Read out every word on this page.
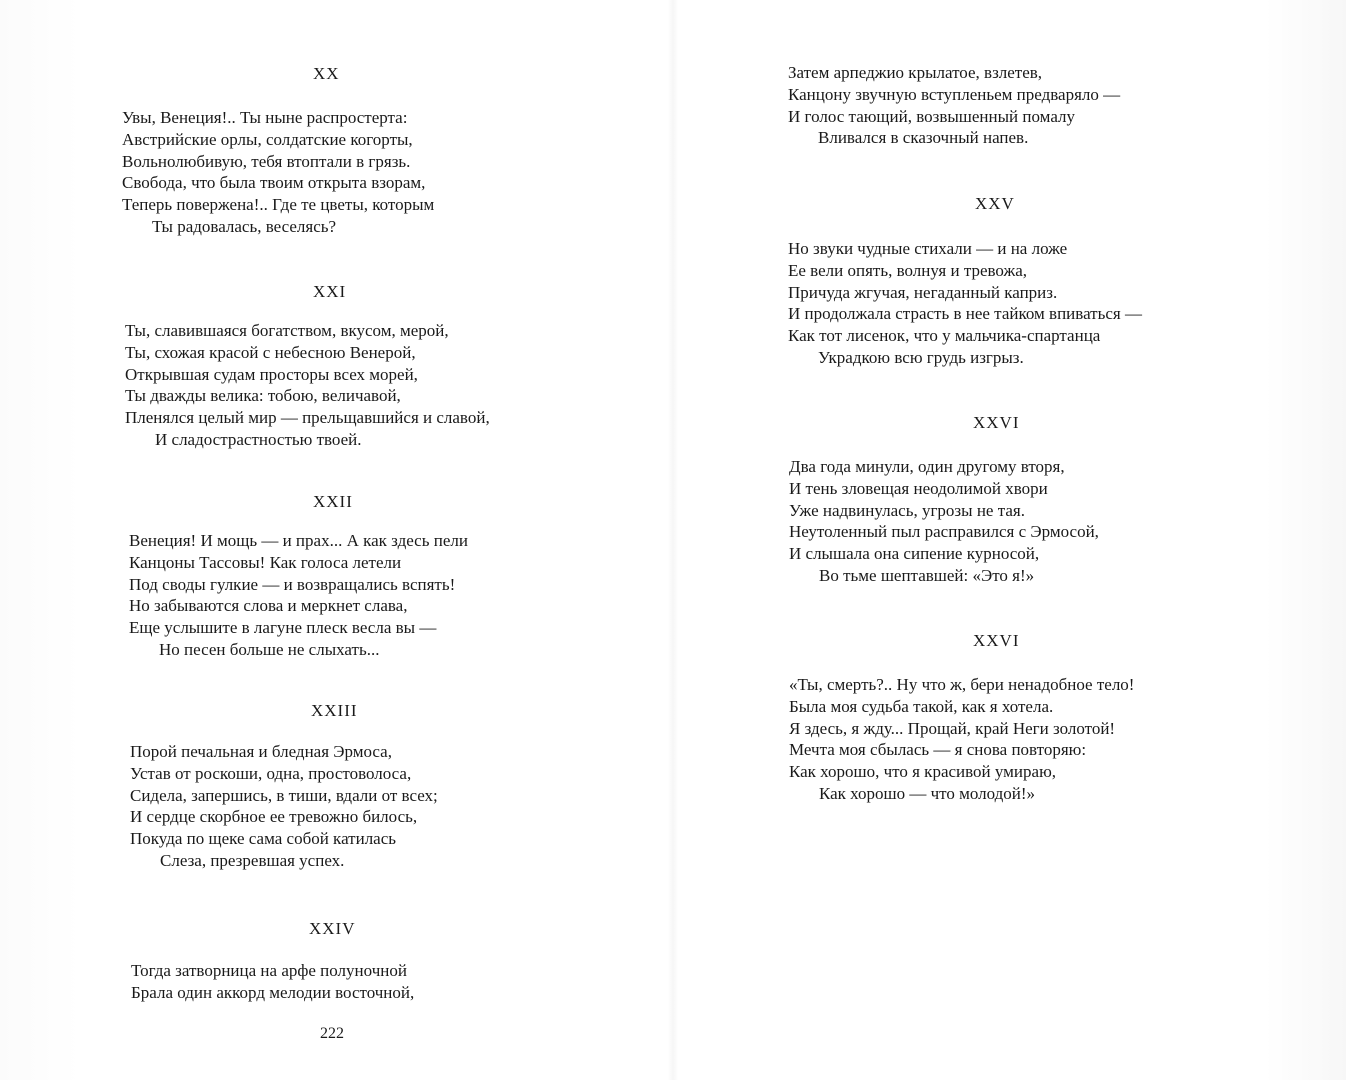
XX
Увы, Венеция!.. Ты ныне распростерта:
Австрийские орлы, солдатские когорты,
Вольнолюбивую, тебя втоптали в грязь.
Свобода, что была твоим открыта взорам,
Теперь повержена!.. Где те цветы, которым
Ты радовалась, веселясь?
XXI
Ты, славившаяся богатством, вкусом, мерой,
Ты, схожая красой с небесною Венерой,
Открывшая судам просторы всех морей,
Ты дважды велика: тобою, величавой,
Пленялся целый мир — прельщавшийся и славой,
И сладострастностью твоей.
XXII
Венеция! И мощь — и прах... А как здесь пели
Канцоны Тассовы! Как голоса летели
Под своды гулкие — и возвращались вспять!
Но забываются слова и меркнет слава,
Еще услышите в лагуне плеск весла вы —
Но песен больше не слыхать...
XXIII
Порой печальная и бледная Эрмоса,
Устав от роскоши, одна, простоволоса,
Сидела, запершись, в тиши, вдали от всех;
И сердце скорбное ее тревожно билось,
Покуда по щеке сама собой катилась
Слеза, презревшая успех.
XXIV
Тогда затворница на арфе полуночной
Брала один аккорд мелодии восточной,
222
Затем арпеджио крылатое, взлетев,
Канцону звучную вступленьем предваряло —
И голос тающий, возвышенный помалу
Вливался в сказочный напев.
XXV
Но звуки чудные стихали — и на ложе
Ее вели опять, волнуя и тревожа,
Причуда жгучая, негаданный каприз.
И продолжала страсть в нее тайком впиваться —
Как тот лисенок, что у мальчика-спартанца
Украдкою всю грудь изгрыз.
XXVI
Два года минули, один другому вторя,
И тень зловещая неодолимой хвори
Уже надвинулась, угрозы не тая.
Неутоленный пыл расправился с Эрмосой,
И слышала она сипение курносой,
Во тьме шептавшей: «Это я!»
XXVI
«Ты, смерть?.. Ну что ж, бери ненадобное тело!
Была моя судьба такой, как я хотела.
Я здесь, я жду... Прощай, край Неги золотой!
Мечта моя сбылась — я снова повторяю:
Как хорошо, что я красивой умираю,
Как хорошо — что молодой!»
